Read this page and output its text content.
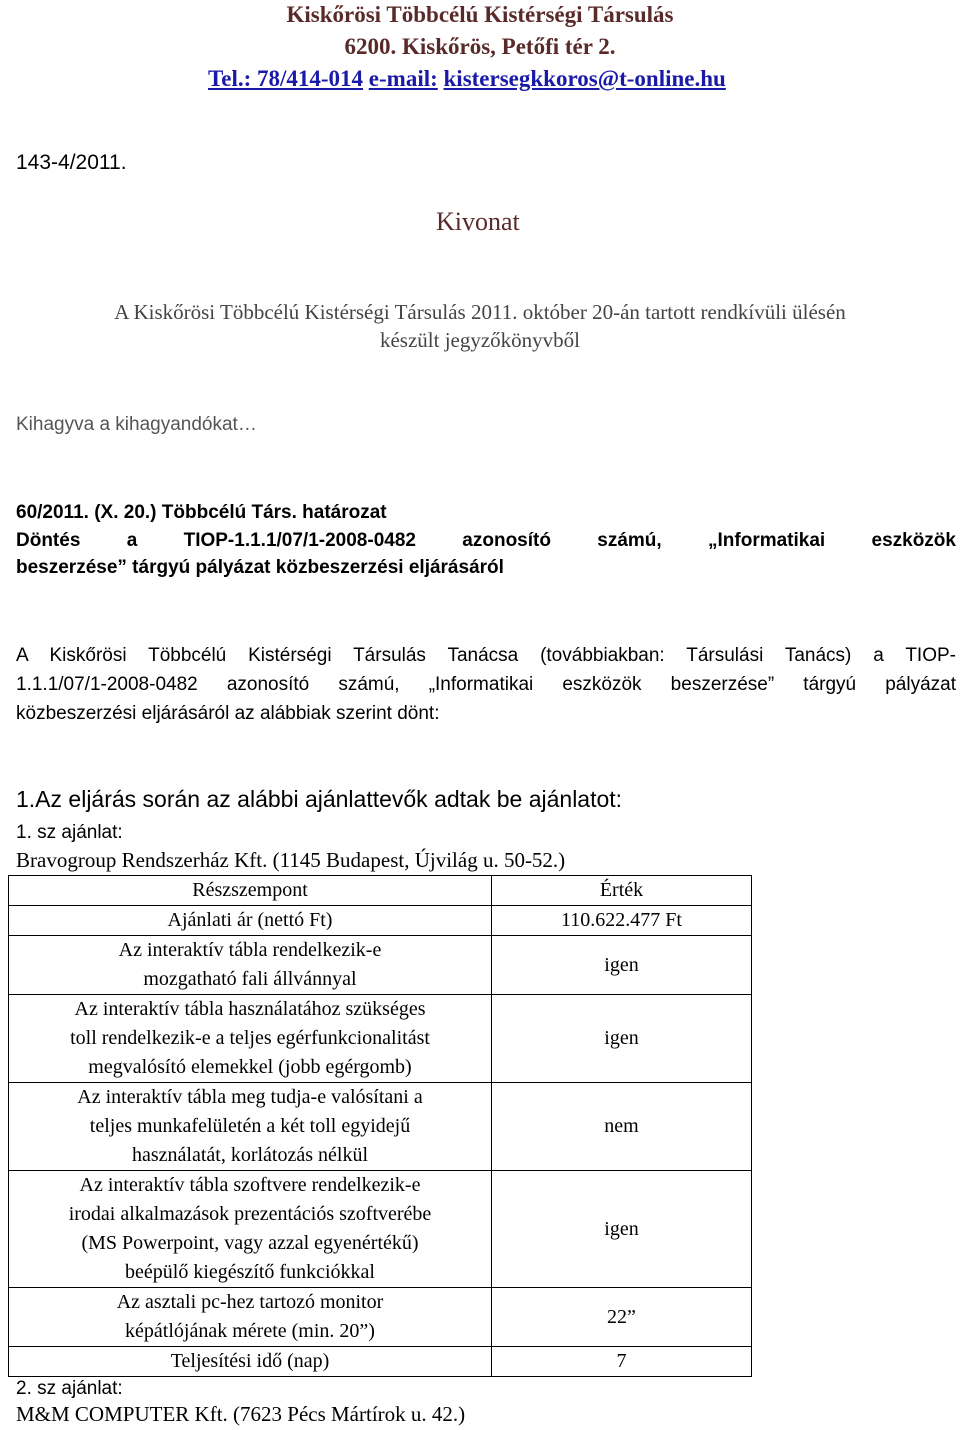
Kiskőrösi Többcélú Kistérségi Társulás
6200. Kiskőrös, Petőfi tér 2.
Tel.: 78/414-014 e-mail: kistersegkkoros@t-online.hu
143-4/2011.
Kivonat
A Kiskőrösi Többcélú Kistérségi Társulás 2011. október 20-án tartott rendkívüli ülésén
készült jegyzőkönyvből
Kihagyva a kihagyandókat…
60/2011. (X. 20.) Többcélú Társ. határozat
Döntés a TIOP-1.1.1/07/1-2008-0482 azonosító számú, „Informatikai eszközök
beszerzése” tárgyú pályázat közbeszerzési eljárásáról
A Kiskőrösi Többcélú Kistérségi Társulás Tanácsa (továbbiakban: Társulási Tanács) a TIOP-
1.1.1/07/1-2008-0482 azonosító számú, „Informatikai eszközök beszerzése” tárgyú pályázat
közbeszerzési eljárásáról az alábbiak szerint dönt:
1.Az eljárás során az alábbi ajánlattevők adtak be ajánlatot:
1. sz ajánlat:
Bravogroup Rendszerház Kft. (1145 Budapest, Újvilág u. 50-52.)
Részszempont	Érték

Ajánlati ár (nettó Ft)	110.622.477 Ft

Az interaktív tábla rendelkezik-e
mozgatható fali állvánnyal	igen

Az interaktív tábla használatához szükséges
toll rendelkezik-e a teljes egérfunkcionalitást
megvalósító elemekkel (jobb egérgomb)	igen

Az interaktív tábla meg tudja-e valósítani a
teljes munkafelületén a két toll egyidejű
használatát, korlátozás nélkül	nem

Az interaktív tábla szoftvere rendelkezik-e
irodai alkalmazások prezentációs szoftverébe
(MS Powerpoint, vagy azzal egyenértékű)
beépülő kiegészítő funkciókkal	igen

Az asztali pc-hez tartozó monitor
képátlójának mérete (min. 20”)	22”

Teljesítési idő (nap)	7
2. sz ajánlat:
M&M COMPUTER Kft. (7623 Pécs Mártírok u. 42.)
